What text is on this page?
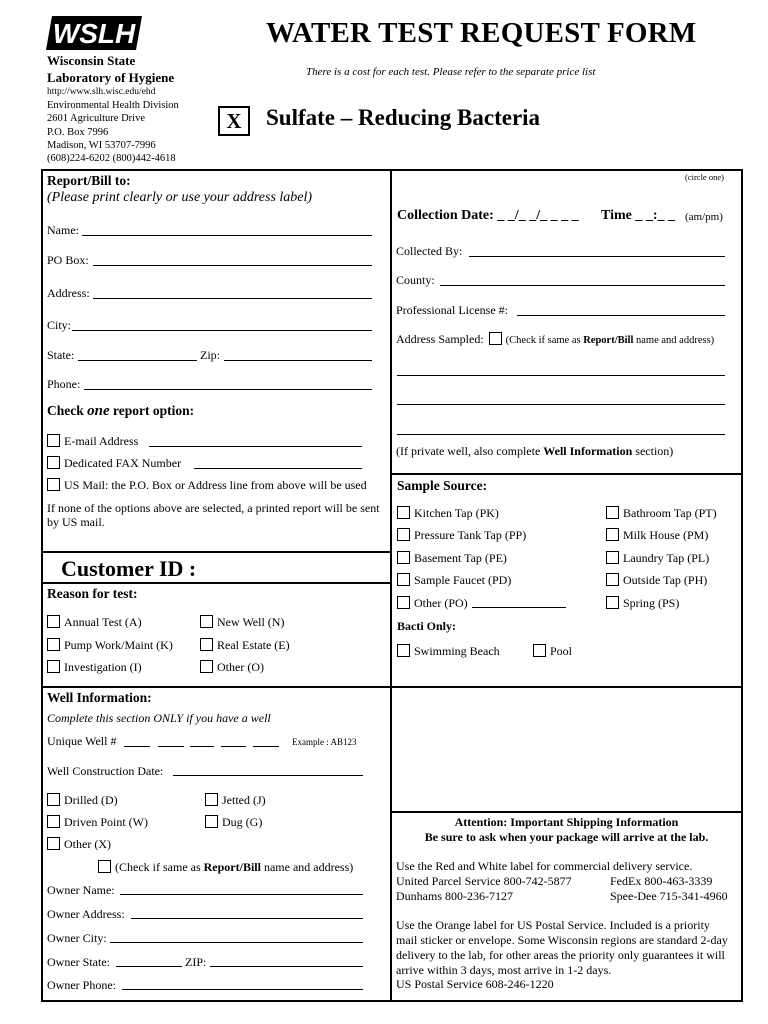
WSLH
Wisconsin State
Laboratory of Hygiene
http://www.slh.wisc.edu/ehd
Environmental Health Division
2601 Agriculture Drive
P.O. Box 7996
Madison, WI 53707-7996
(608)224-6202 (800)442-4618
WATER TEST REQUEST FORM
There is a cost for each test. Please refer to the separate price list
X	Sulfate – Reducing Bacteria
Report/Bill to:
(Please print clearly or use your address label)
Name:
PO Box:
Address:
City:
State:	Zip:
Phone:
Check one report option:
E-mail Address
Dedicated FAX Number
US Mail: the P.O. Box or Address line from above will be used
If none of the options above are selected, a printed report will be sent by US mail.
Customer ID :
Reason for test:
Annual Test (A)	New Well (N)
Pump Work/Maint (K)	Real Estate (E)
Investigation (I)	Other (O)
Well Information:
Complete this section ONLY if you have a well
Unique Well #	Example : AB123
Well Construction Date:
Drilled (D)	Jetted (J)
Driven Point (W)	Dug (G)
Other (X)
(Check if same as Report/Bill name and address)
Owner Name:
Owner Address:
Owner City:
Owner State:	ZIP:
Owner Phone:
(circle one)
Collection Date: _ _/_ _/_ _ _ _ Time _ _:_ _ (am/pm)
Collected By:
County:
Professional License #:
Address Sampled: (Check if same as Report/Bill name and address)
(If private well, also complete Well Information section)
Sample Source:
Kitchen Tap (PK)	Bathroom Tap (PT)
Pressure Tank Tap (PP)	Milk House (PM)
Basement Tap (PE)	Laundry Tap (PL)
Sample Faucet (PD)	Outside Tap (PH)
Other (PO)	Spring (PS)
Bacti Only:
Swimming Beach	Pool
Attention: Important Shipping Information
Be sure to ask when your package will arrive at the lab.
Use the Red and White label for commercial delivery service.
United Parcel Service 800-742-5877	FedEx 800-463-3339
Dunhams 800-236-7127	Spee-Dee 715-341-4960
Use the Orange label for US Postal Service. Included is a priority mail sticker or envelope. Some Wisconsin regions are standard 2-day delivery to the lab, for other areas the priority only guarantees it will arrive within 3 days, most arrive in 1-2 days.
US Postal Service 608-246-1220
